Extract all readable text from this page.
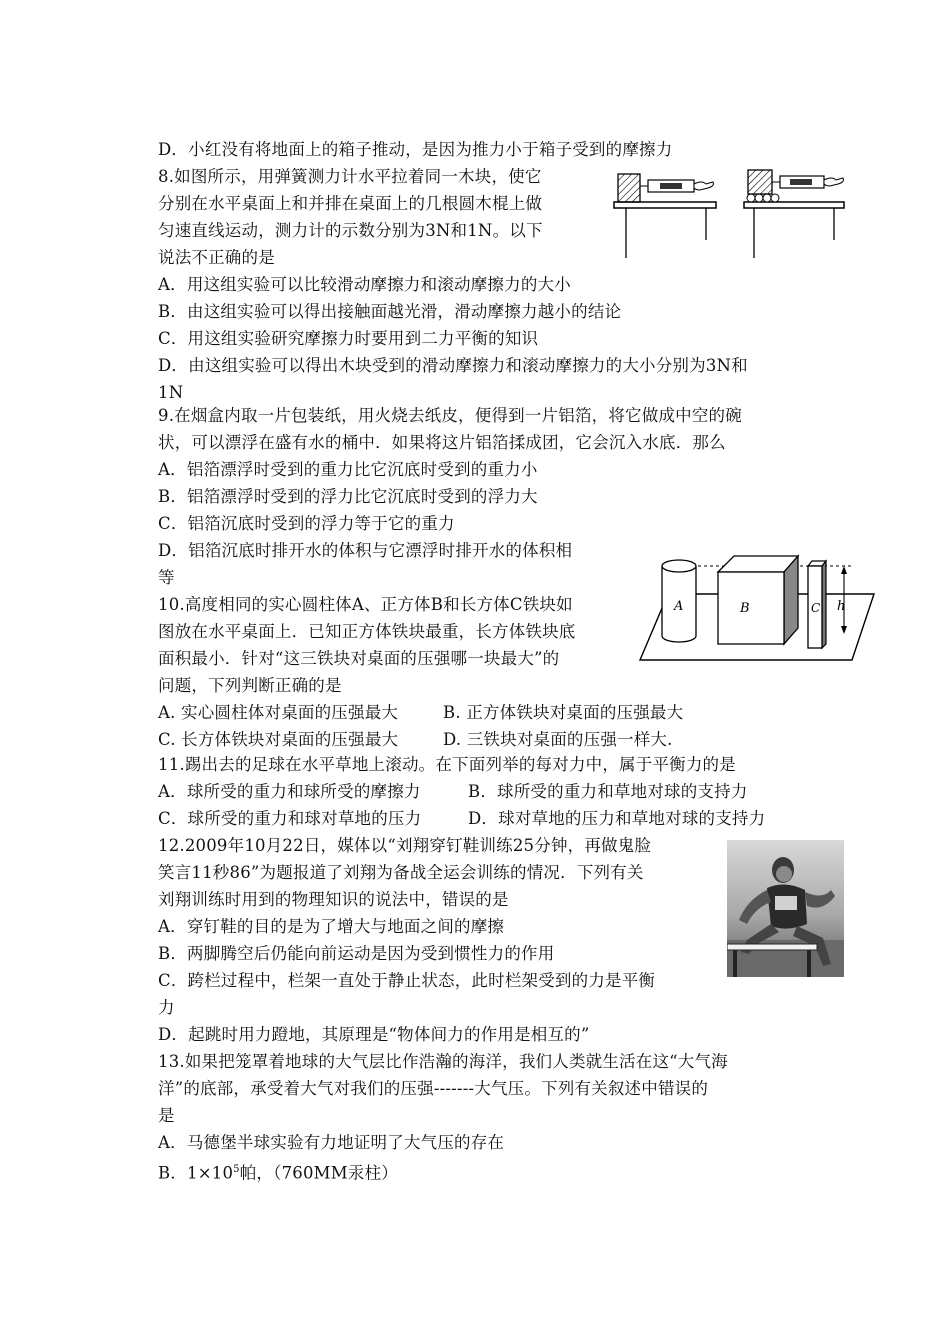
D．小红没有将地面上的箱子推动，是因为推力小于箱子受到的摩擦力
8.如图所示，用弹簧测力计水平拉着同一木块，使它
分别在水平桌面上和并排在桌面上的几根圆木棍上做
匀速直线运动，测力计的示数分别为3N和1N。以下
说法不正确的是
A．用这组实验可以比较滑动摩擦力和滚动摩擦力的大小
B．由这组实验可以得出接触面越光滑，滑动摩擦力越小的结论
C．用这组实验研究摩擦力时要用到二力平衡的知识
D．由这组实验可以得出木块受到的滑动摩擦力和滚动摩擦力的大小分别为3N和
1N
9.在烟盒内取一片包装纸，用火烧去纸皮，便得到一片铝箔，将它做成中空的碗
状，可以漂浮在盛有水的桶中．如果将这片铝箔揉成团，它会沉入水底．那么
A．铝箔漂浮时受到的重力比它沉底时受到的重力小
B．铝箔漂浮时受到的浮力比它沉底时受到的浮力大
C．铝箔沉底时受到的浮力等于它的重力
D．铝箔沉底时排开水的体积与它漂浮时排开水的体积相
等
10.高度相同的实心圆柱体A、正方体B和长方体C铁块如
图放在水平桌面上．已知正方体铁块最重，长方体铁块底
面积最小．针对“这三铁块对桌面的压强哪一块最大”的
问题，下列判断正确的是
A. 实心圆柱体对桌面的压强最大	B. 正方体铁块对桌面的压强最大
C. 长方体铁块对桌面的压强最大	D. 三铁块对桌面的压强一样大.
11.踢出去的足球在水平草地上滚动。在下面列举的每对力中，属于平衡力的是
A．球所受的重力和球所受的摩擦力	B．球所受的重力和草地对球的支持力
C．球所受的重力和球对草地的压力	D．球对草地的压力和草地对球的支持力
12.2009年10月22日，媒体以“刘翔穿钉鞋训练25分钟，再做鬼脸
笑言11秒86”为题报道了刘翔为备战全运会训练的情况．下列有关
刘翔训练时用到的物理知识的说法中，错误的是
A．穿钉鞋的目的是为了增大与地面之间的摩擦
B．两脚腾空后仍能向前运动是因为受到惯性力的作用
C．跨栏过程中，栏架一直处于静止状态，此时栏架受到的力是平衡
力
D．起跳时用力蹬地，其原理是“物体间力的作用是相互的”
13.如果把笼罩着地球的大气层比作浩瀚的海洋，我们人类就生活在这“大气海
洋”的底部，承受着大气对我们的压强-------大气压。下列有关叙述中错误的
是
A．马德堡半球实验有力地证明了大气压的存在
B．$1\times 10^5$帕，（760MM汞柱）
A	B	C h
